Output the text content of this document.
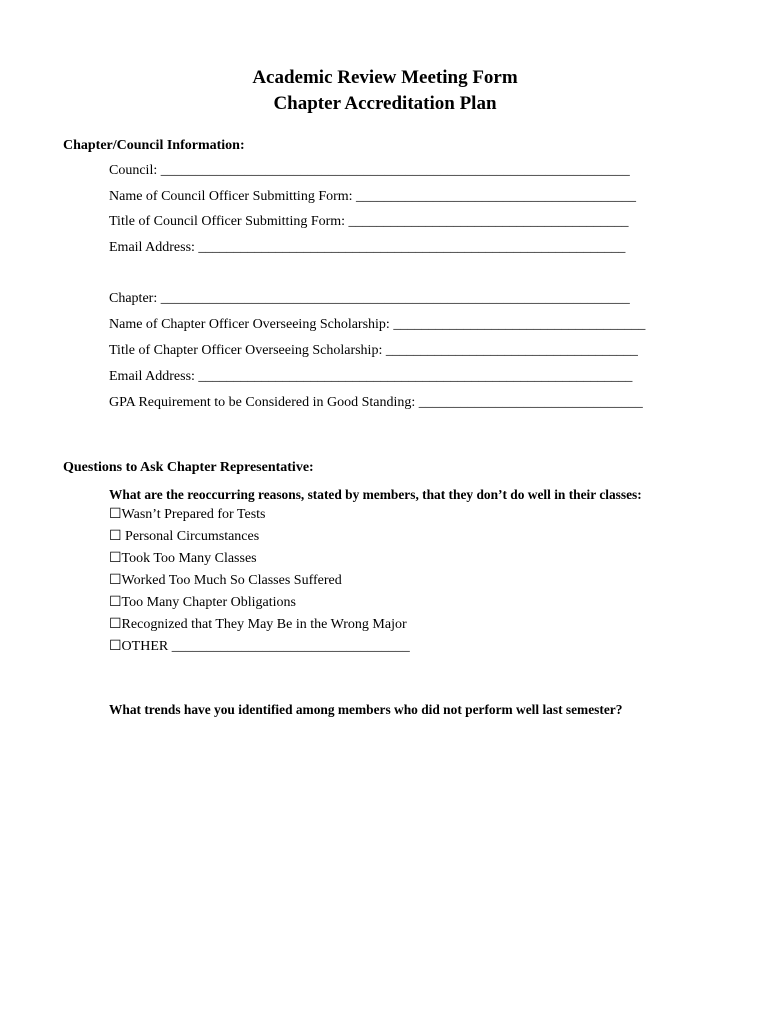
Academic Review Meeting Form
Chapter Accreditation Plan
Chapter/Council Information:
Council: ___________________________________________________________________
Name of Council Officer Submitting Form: ________________________________________
Title of Council Officer Submitting Form: ________________________________________
Email Address: _____________________________________________________________
Chapter: ___________________________________________________________________
Name of Chapter Officer Overseeing Scholarship: ____________________________________
Title of Chapter Officer Overseeing Scholarship: ____________________________________
Email Address: ______________________________________________________________
GPA Requirement to be Considered in Good Standing: ________________________________
Questions to Ask Chapter Representative:
What are the reoccurring reasons, stated by members, that they don’t do well in their classes:
☐Wasn’t Prepared for Tests
☐ Personal Circumstances
☐Took Too Many Classes
☐Worked Too Much So Classes Suffered
☐Too Many Chapter Obligations
☐Recognized that They May Be in the Wrong Major
☐OTHER __________________________________
What trends have you identified among members who did not perform well last semester?
